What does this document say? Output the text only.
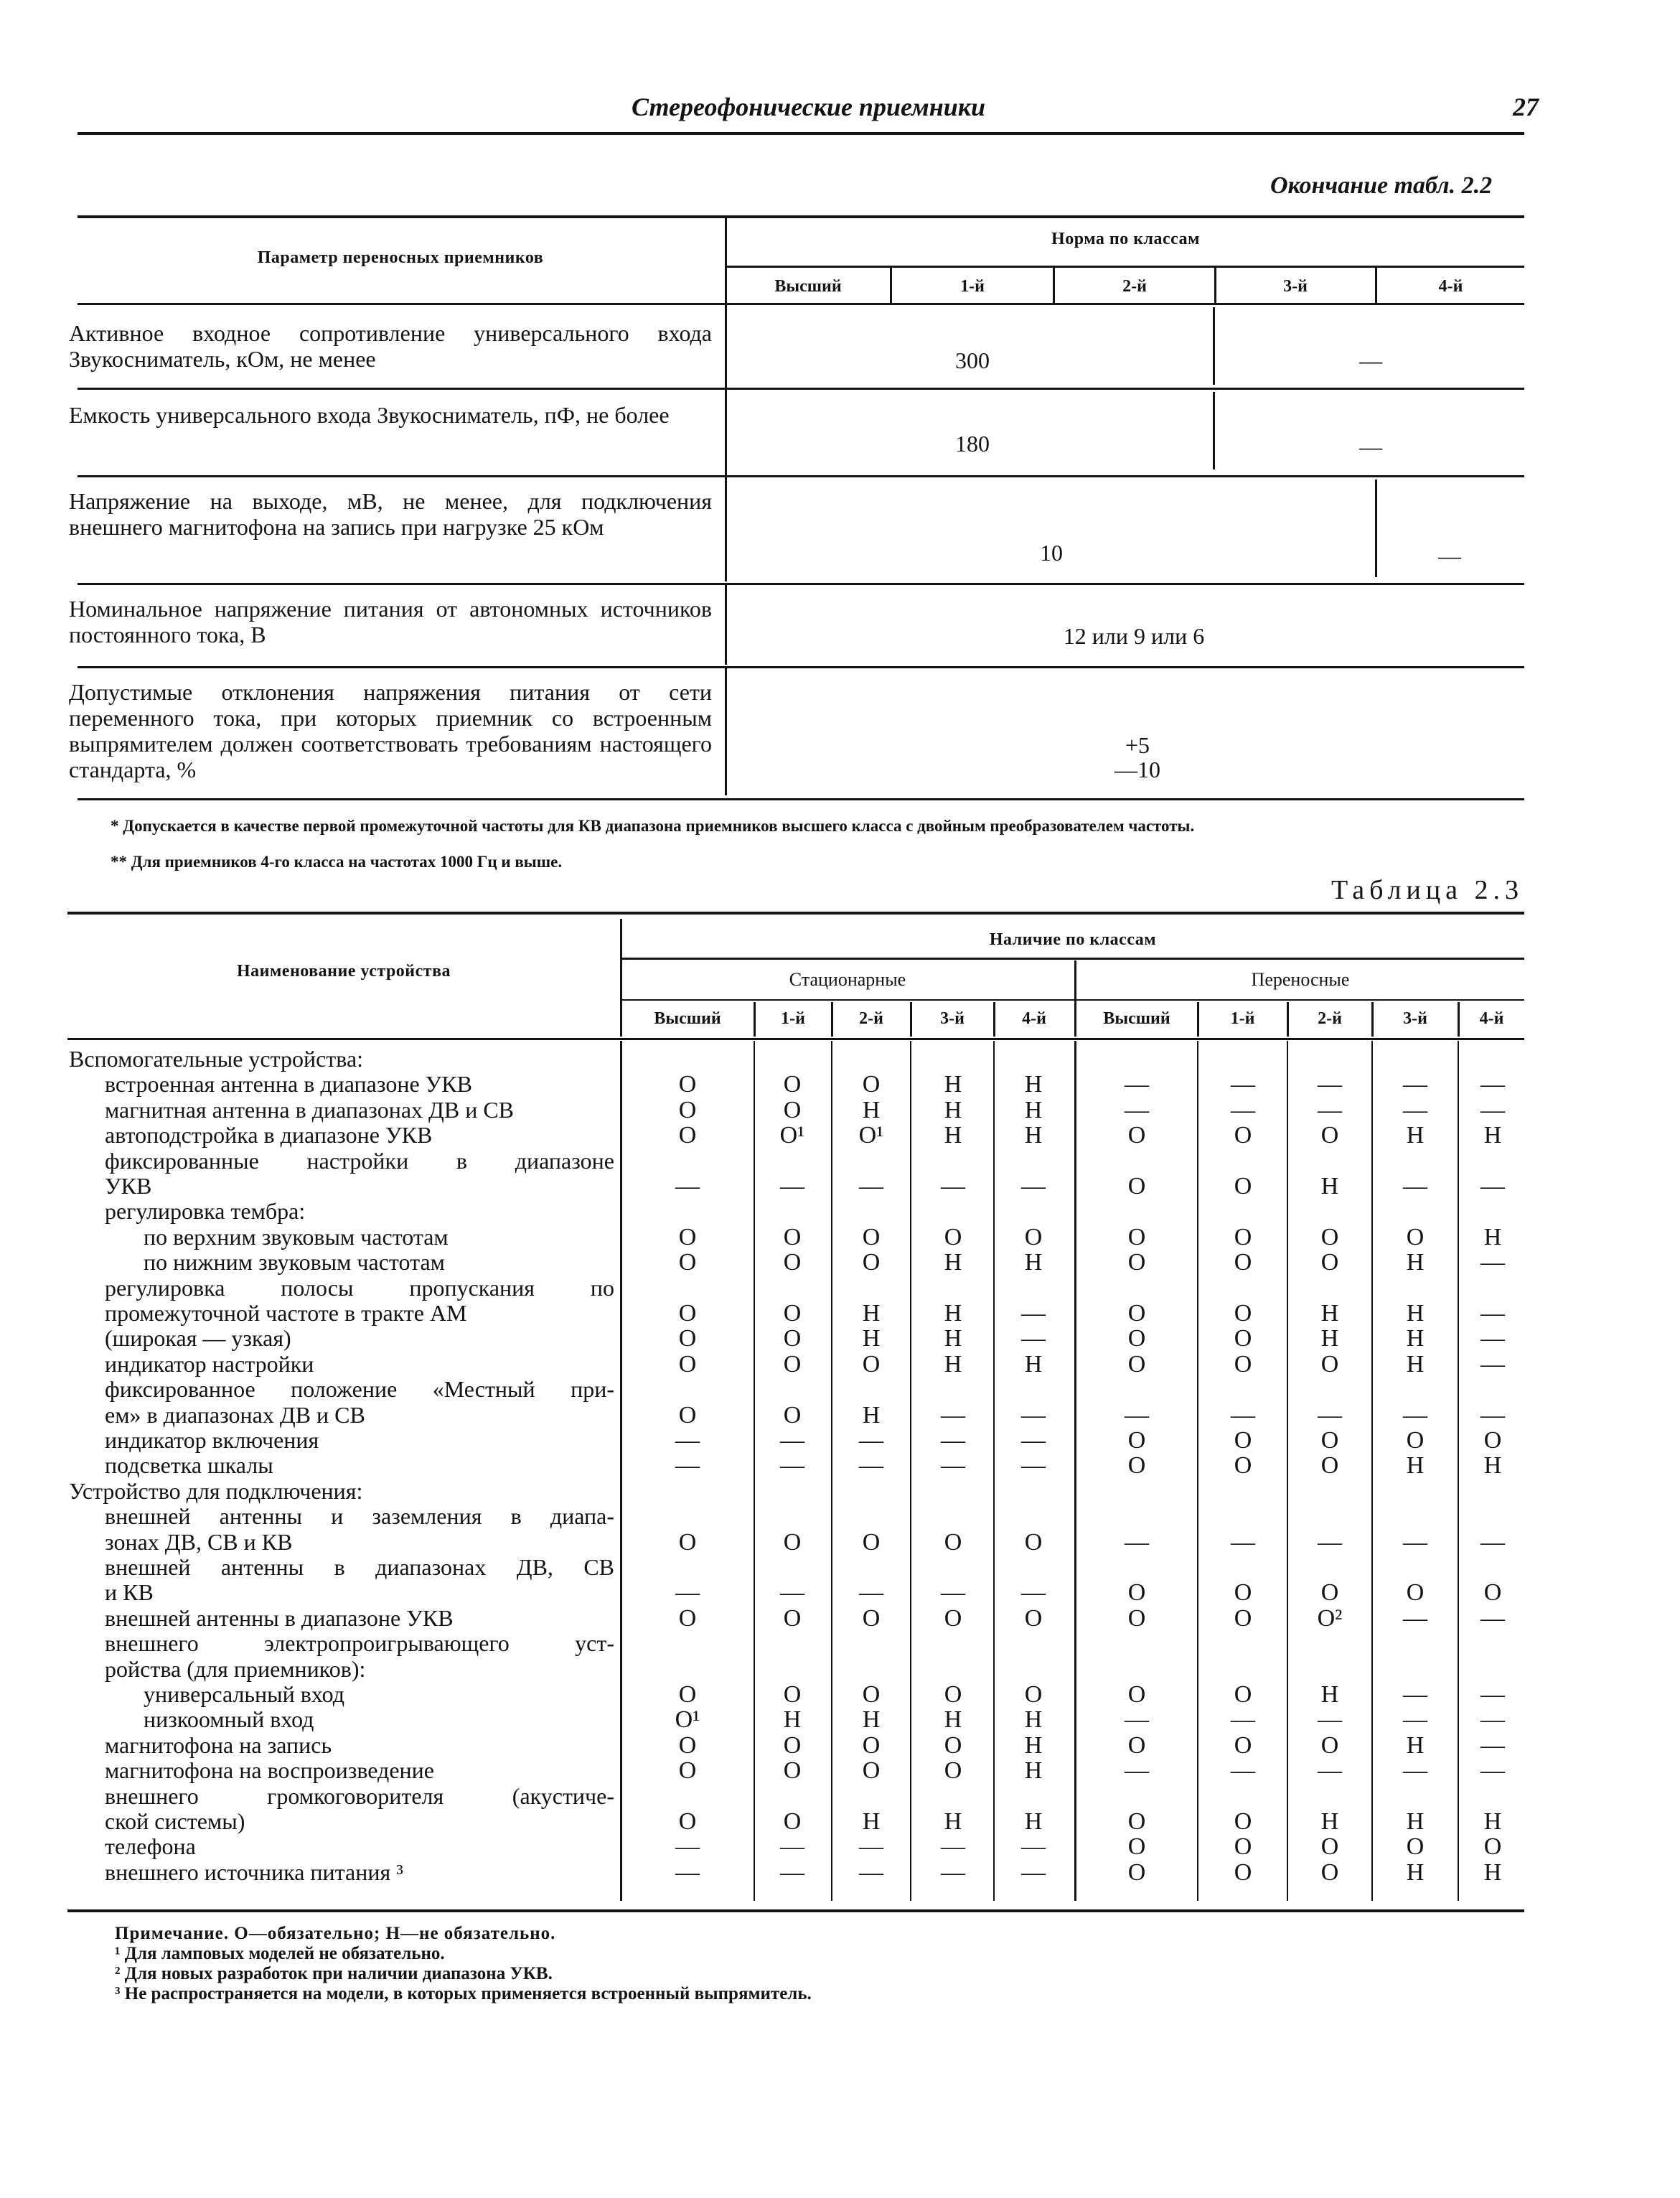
Стереофонические приемники	27
Окончание табл. 2.2
Параметр переносных приемников
Норма по классам
Высший	1-й	2-й	3-й	4-й
Активное входное сопротивление универсального входа Звукосниматель, кОм, не менее	300	—
Емкость универсального входа Звукосниматель, пФ, не более
180	—
Напряжение на выходе, мВ, не менее, для подключения внешнего магнитофона на запись при нагрузке 25 кОм
10	—
Номинальное напряжение питания от автономных источников постоянного тока, В	12 или 9 или 6
Допустимые отклонения напряжения питания от сети переменного тока, при которых приемник со встроенным выпрямителем должен соответствовать требованиям настоящего стандарта, %
+5
—10
* Допускается в качестве первой промежуточной частоты для КВ диапазона приемников высшего класса с двойным преобразователем частоты.
** Для приемников 4-го класса на частотах 1000 Гц и выше.
Таблица 2.3
Наименование устройства
Наличие по классам
Стационарные	Переносные
Высший	1-й	2-й	3-й	4-й	Высший	1-й	2-й	3-й	4-й
Вспомогательные устройства:
встроенная антенна в диапазоне УКВ	О	О	О	Н	Н	—	—	—	—	—
магнитная антенна в диапазонах ДВ и СВ	О	О	Н	Н	Н	—	—	—	—	—
автоподстройка в диапазоне УКВ	О	О¹	О¹	Н	Н	О	О	О	Н	Н
фиксированные настройки в диапазоне
УКВ	—	—	—	—	—	О	О	Н	—	—
регулировка тембра:
по верхним звуковым частотам	О	О	О	О	О	О	О	О	О	Н
по нижним звуковым частотам	О	О	О	Н	Н	О	О	О	Н	—
регулировка полосы пропускания по
промежуточной частоте в тракте АМ	О	О	Н	Н	—	О	О	Н	Н	—
(широкая — узкая)	О	О	Н	Н	—	О	О	Н	Н	—
индикатор настройки	О	О	О	Н	Н	О	О	О	Н	—
фиксированное положение «Местный при-
ем» в диапазонах ДВ и СВ	О	О	Н	—	—	—	—	—	—	—
индикатор включения	—	—	—	—	—	О	О	О	О	О
подсветка шкалы	—	—	—	—	—	О	О	О	Н	Н
Устройство для подключения:
внешней антенны и заземления в диапа-
зонах ДВ, СВ и КВ	О	О	О	О	О	—	—	—	—	—
внешней антенны в диапазонах ДВ, СВ
и КВ	—	—	—	—	—	О	О	О	О	О
внешней антенны в диапазоне УКВ	О	О	О	О	О	О	О	О²	—	—
внешнего электропроигрывающего уст-
ройства (для приемников):
универсальный вход	О	О	О	О	О	О	О	Н	—	—
низкоомный вход	О¹	Н	Н	Н	Н	—	—	—	—	—
магнитофона на запись	О	О	О	О	Н	О	О	О	Н	—
магнитофона на воспроизведение	О	О	О	О	Н	—	—	—	—	—
внешнего громкоговорителя (акустиче-
ской системы)	О	О	Н	Н	Н	О	О	Н	Н	Н
телефона	—	—	—	—	—	О	О	О	О	О
внешнего источника питания ³	—	—	—	—	—	О	О	О	Н	Н
Примечание. О—обязательно; Н—не обязательно.
¹ Для ламповых моделей не обязательно.
² Для новых разработок при наличии диапазона УКВ.
³ Не распространяется на модели, в которых применяется встроенный выпрямитель.
